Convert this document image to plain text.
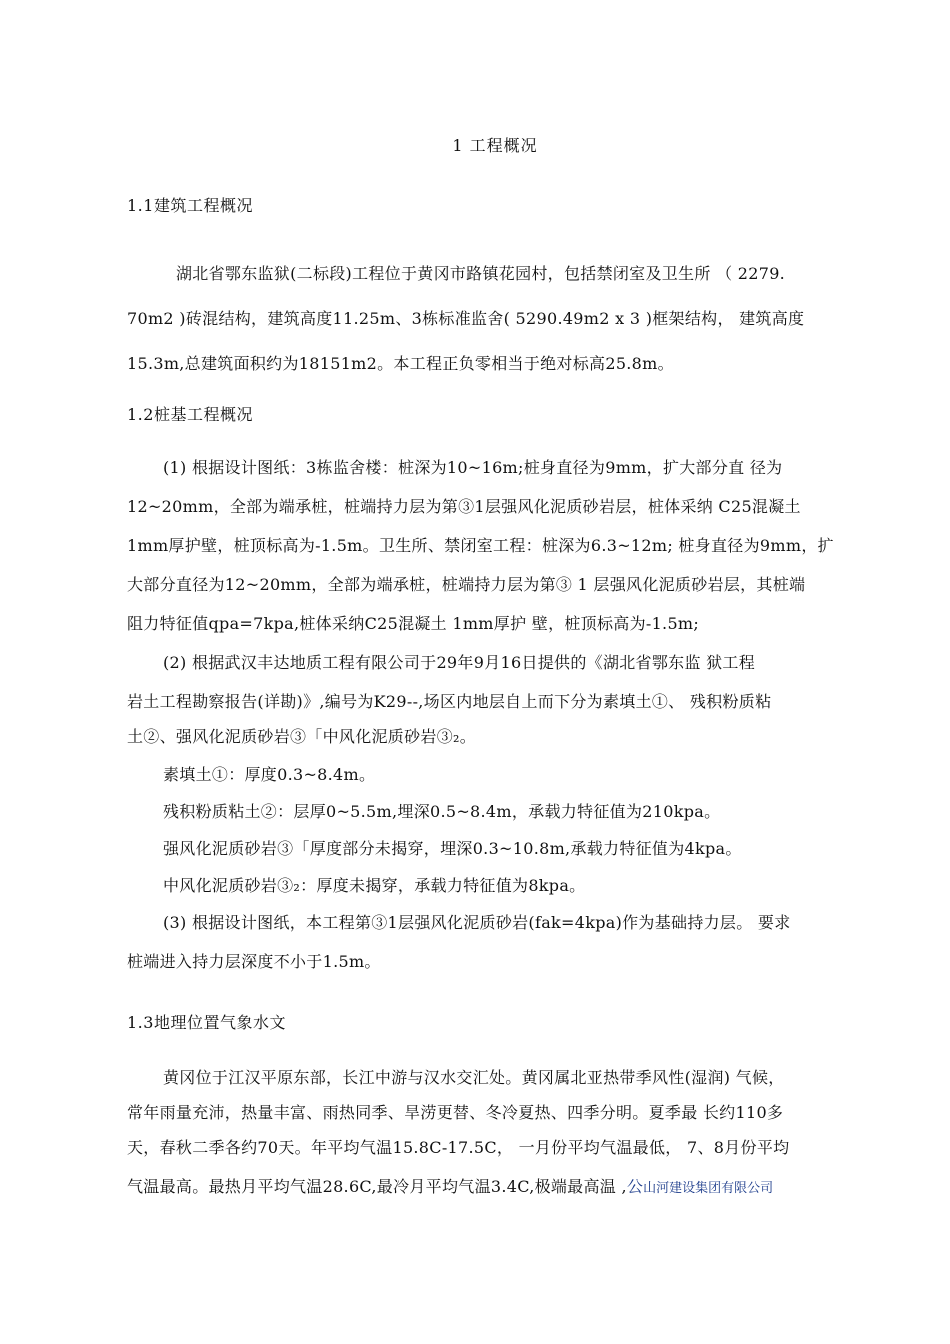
1 工程概况
1.1建筑工程概况
湖北省鄂东监狱(二标段)工程位于黄冈市路镇花园村，包括禁闭室及卫生所 （ 2279.
70m2 )砖混结构，建筑高度11.25m、3栋标准监舍( 5290.49m2 x 3 )框架结构， 建筑高度
15.3m,总建筑面积约为18151m2。本工程正负零相当于绝对标高25.8m。
1.2桩基工程概况
(1) 根据设计图纸：3栋监舍楼：桩深为10~16m;桩身直径为9mm，扩大部分直 径为
12~20mm，全部为端承桩，桩端持力层为第③1层强风化泥质砂岩层，桩体采纳 C25混凝土
1mm厚护壁，桩顶标高为-1.5m。卫生所、禁闭室工程：桩深为6.3~12m; 桩身直径为9mm，扩
大部分直径为12~20mm，全部为端承桩，桩端持力层为第③ 1 层强风化泥质砂岩层，其桩端
阻力特征值qpa=7kpa,桩体采纳C25混凝土 1mm厚护 壁，桩顶标高为-1.5m;
(2) 根据武汉丰达地质工程有限公司于29年9月16日提供的《湖北省鄂东监 狱工程
岩土工程勘察报告(详勘)》,编号为K29--,场区内地层自上而下分为素填土①、 残积粉质粘
土②、强风化泥质砂岩③「中风化泥质砂岩③₂。
素填土①：厚度0.3~8.4m。
残积粉质粘土②：层厚0~5.5m,埋深0.5~8.4m，承载力特征值为210kpa。
强风化泥质砂岩③「厚度部分未揭穿，埋深0.3~10.8m,承载力特征值为4kpa。
中风化泥质砂岩③₂：厚度未揭穿，承载力特征值为8kpa。
(3) 根据设计图纸，本工程第③1层强风化泥质砂岩(fak=4kpa)作为基础持力层。 要求
桩端进入持力层深度不小于1.5m。
1.3地理位置气象水文
黄冈位于江汉平原东部，长江中游与汉水交汇处。黄冈属北亚热带季风性(湿润) 气候，
常年雨量充沛，热量丰富、雨热同季、旱涝更替、冬冷夏热、四季分明。夏季最 长约110多
天，春秋二季各约70天。年平均气温15.8C-17.5C， 一月份平均气温最低， 7、8月份平均
气温最高。最热月平均气温28.6C,最冷月平均气温3.4C,极端最高温 ,公山河建设集团有限公司
